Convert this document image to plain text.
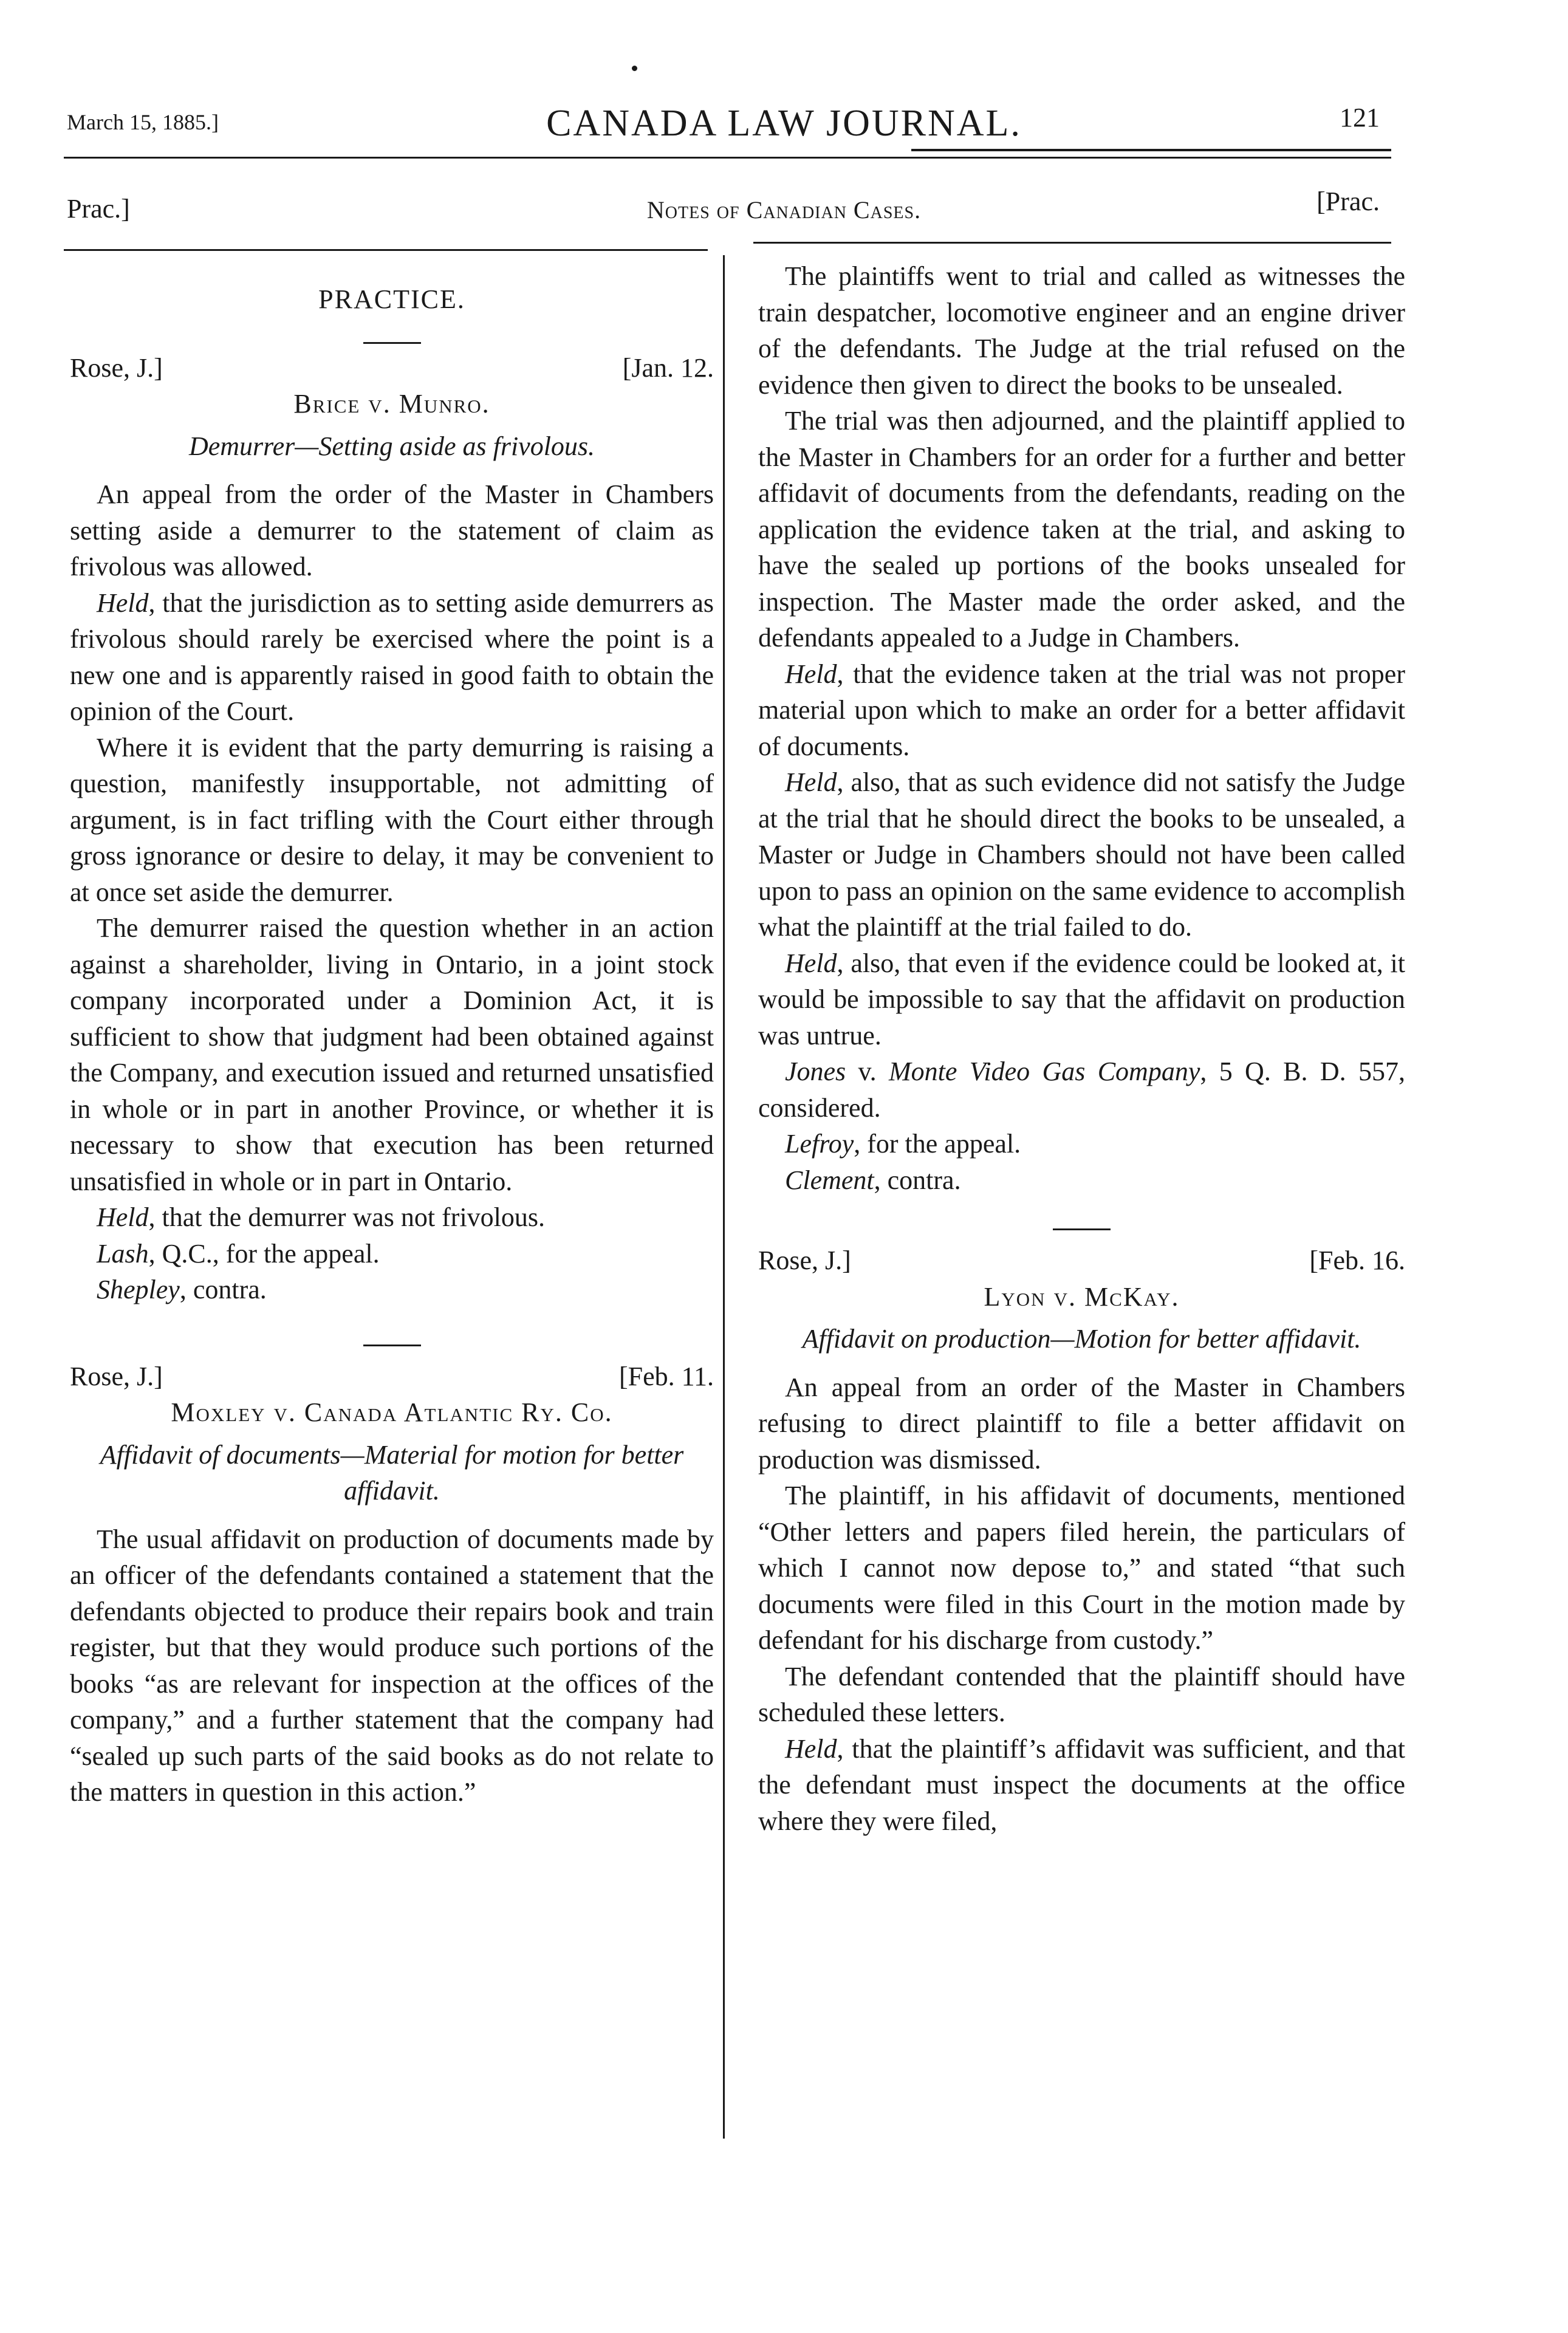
March 15, 1885.]	CANADA LAW JOURNAL.	121
Prac.]	Notes of Canadian Cases.	[Prac.

PRACTICE.

Rose, J.]	[Jan. 12.

Brice v. Munro.

Demurrer—Setting aside as frivolous.

An appeal from the order of the Master in Chambers setting aside a demurrer to the statement of claim as frivolous was allowed.

Held, that the jurisdiction as to setting aside demurrers as frivolous should rarely be exercised where the point is a new one and is apparently raised in good faith to obtain the opinion of the Court.

Where it is evident that the party demurring is raising a question, manifestly insupportable, not admitting of argument, is in fact trifling with the Court either through gross ignorance or desire to delay, it may be convenient to at once set aside the demurrer.

The demurrer raised the question whether in an action against a shareholder, living in Ontario, in a joint stock company incorporated under a Dominion Act, it is sufficient to show that judgment had been obtained against the Company, and execution issued and returned unsatisfied in whole or in part in another Province, or whether it is necessary to show that execution has been returned unsatisfied in whole or in part in Ontario.

Held, that the demurrer was not frivolous.

Lash, Q.C., for the appeal.

Shepley, contra.

Rose, J.]	[Feb. 11.

Moxley v. Canada Atlantic Ry. Co.

Affidavit of documents—Material for motion for better affidavit.

The usual affidavit on production of documents made by an officer of the defendants contained a statement that the defendants objected to produce their repairs book and train register, but that they would produce such portions of the books “as are relevant for inspection at the offices of the company,” and a further statement that the company had “sealed up such parts of the said books as do not relate to the matters in question in this action.”

The plaintiffs went to trial and called as witnesses the train despatcher, locomotive engineer and an engine driver of the defendants. The Judge at the trial refused on the evidence then given to direct the books to be unsealed.

The trial was then adjourned, and the plaintiff applied to the Master in Chambers for an order for a further and better affidavit of documents from the defendants, reading on the application the evidence taken at the trial, and asking to have the sealed up portions of the books unsealed for inspection. The Master made the order asked, and the defendants appealed to a Judge in Chambers.

Held, that the evidence taken at the trial was not proper material upon which to make an order for a better affidavit of documents.

Held, also, that as such evidence did not satisfy the Judge at the trial that he should direct the books to be unsealed, a Master or Judge in Chambers should not have been called upon to pass an opinion on the same evidence to accomplish what the plaintiff at the trial failed to do.

Held, also, that even if the evidence could be looked at, it would be impossible to say that the affidavit on production was untrue.

Jones v. Monte Video Gas Company, 5 Q. B. D. 557, considered.

Lefroy, for the appeal.

Clement, contra.

Rose, J.]	[Feb. 16.

Lyon v. McKay.

Affidavit on production—Motion for better affidavit.

An appeal from an order of the Master in Chambers refusing to direct plaintiff to file a better affidavit on production was dismissed.

The plaintiff, in his affidavit of documents, mentioned “Other letters and papers filed herein, the particulars of which I cannot now depose to,” and stated “that such documents were filed in this Court in the motion made by defendant for his discharge from custody.”

The defendant contended that the plaintiff should have scheduled these letters.

Held, that the plaintiff’s affidavit was sufficient, and that the defendant must inspect the documents at the office where they were filed,
